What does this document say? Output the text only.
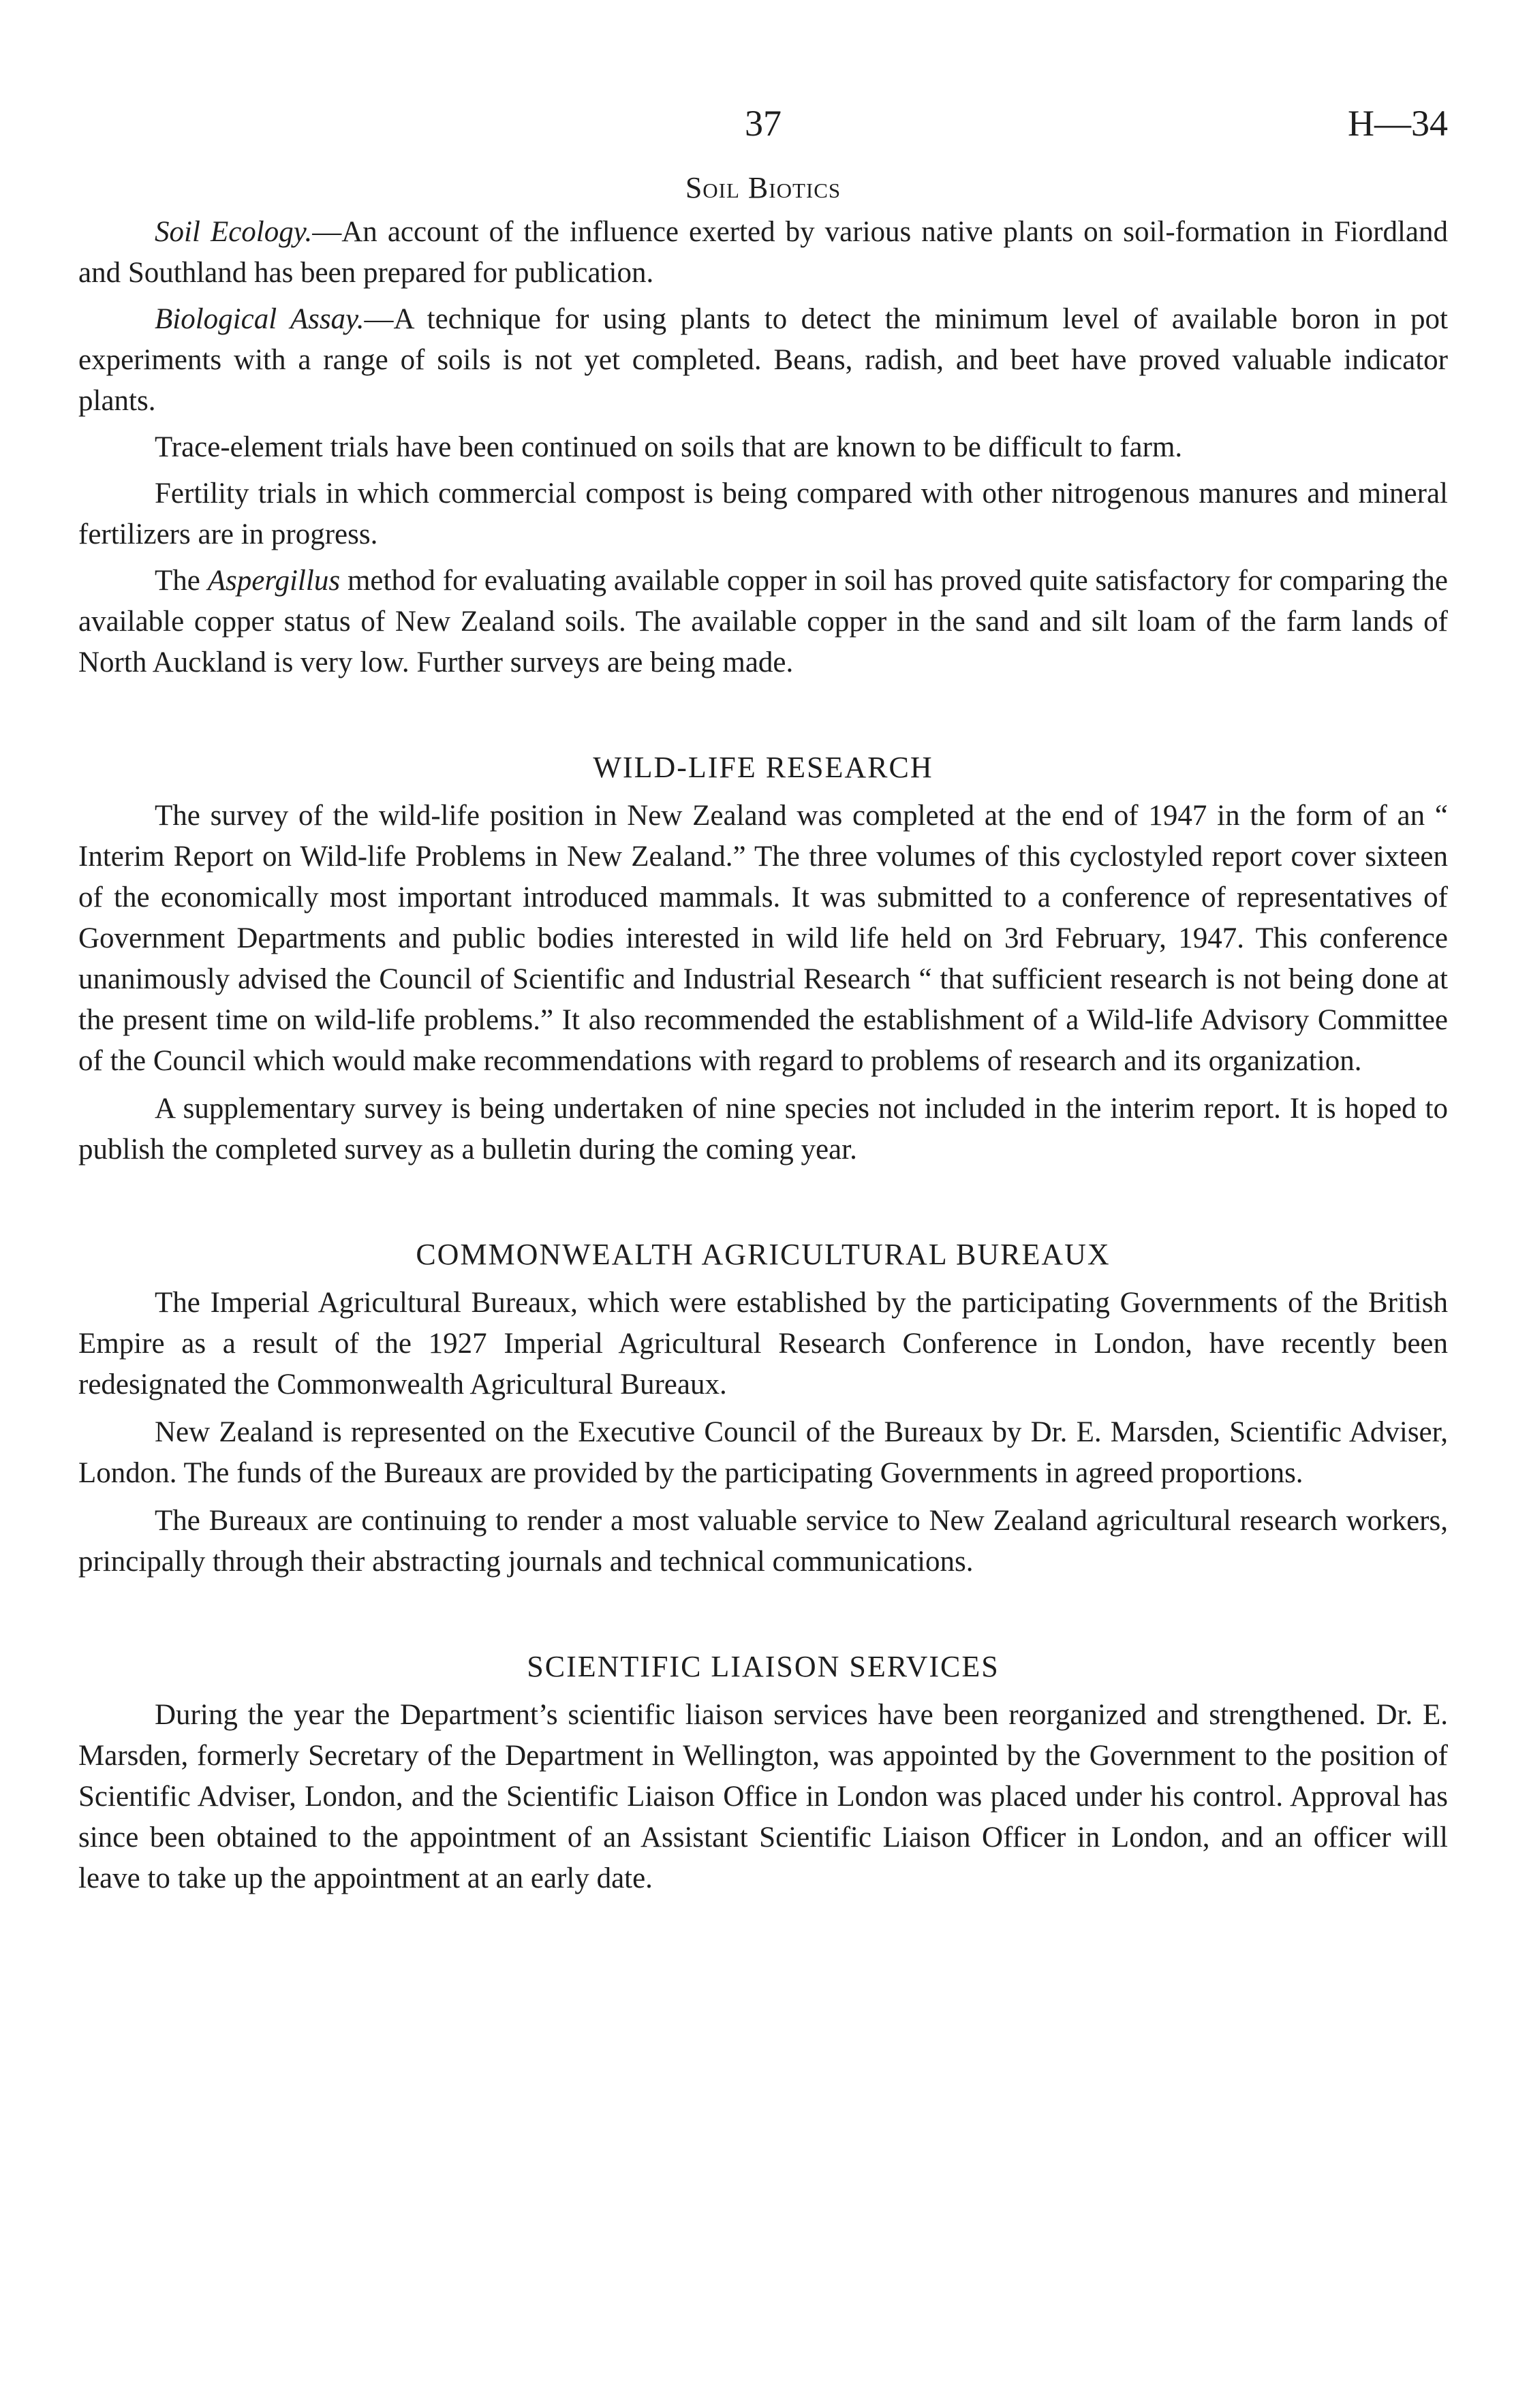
37	H—34
Soil Biotics

Soil Ecology.—An account of the influence exerted by various native plants on soil-formation in Fiordland and Southland has been prepared for publication.

Biological Assay.—A technique for using plants to detect the minimum level of available boron in pot experiments with a range of soils is not yet completed. Beans, radish, and beet have proved valuable indicator plants.

Trace-element trials have been continued on soils that are known to be difficult to farm.

Fertility trials in which commercial compost is being compared with other nitrogenous manures and mineral fertilizers are in progress.

The Aspergillus method for evaluating available copper in soil has proved quite satisfactory for comparing the available copper status of New Zealand soils. The available copper in the sand and silt loam of the farm lands of North Auckland is very low. Further surveys are being made.

WILD-LIFE RESEARCH

The survey of the wild-life position in New Zealand was completed at the end of 1947 in the form of an “ Interim Report on Wild-life Problems in New Zealand.” The three volumes of this cyclostyled report cover sixteen of the economically most important introduced mammals. It was submitted to a conference of representatives of Government Departments and public bodies interested in wild life held on 3rd February, 1947. This conference unanimously advised the Council of Scientific and Industrial Research “ that sufficient research is not being done at the present time on wild-life problems.” It also recommended the establishment of a Wild-life Advisory Committee of the Council which would make recommendations with regard to problems of research and its organization.

A supplementary survey is being undertaken of nine species not included in the interim report. It is hoped to publish the completed survey as a bulletin during the coming year.

COMMONWEALTH AGRICULTURAL BUREAUX

The Imperial Agricultural Bureaux, which were established by the participating Governments of the British Empire as a result of the 1927 Imperial Agricultural Research Conference in London, have recently been redesignated the Commonwealth Agricultural Bureaux.

New Zealand is represented on the Executive Council of the Bureaux by Dr. E. Marsden, Scientific Adviser, London. The funds of the Bureaux are provided by the participating Governments in agreed proportions.

The Bureaux are continuing to render a most valuable service to New Zealand agricultural research workers, principally through their abstracting journals and technical communications.

SCIENTIFIC LIAISON SERVICES

During the year the Department’s scientific liaison services have been reorganized and strengthened. Dr. E. Marsden, formerly Secretary of the Department in Wellington, was appointed by the Government to the position of Scientific Adviser, London, and the Scientific Liaison Office in London was placed under his control. Approval has since been obtained to the appointment of an Assistant Scientific Liaison Officer in London, and an officer will leave to take up the appointment at an early date.
